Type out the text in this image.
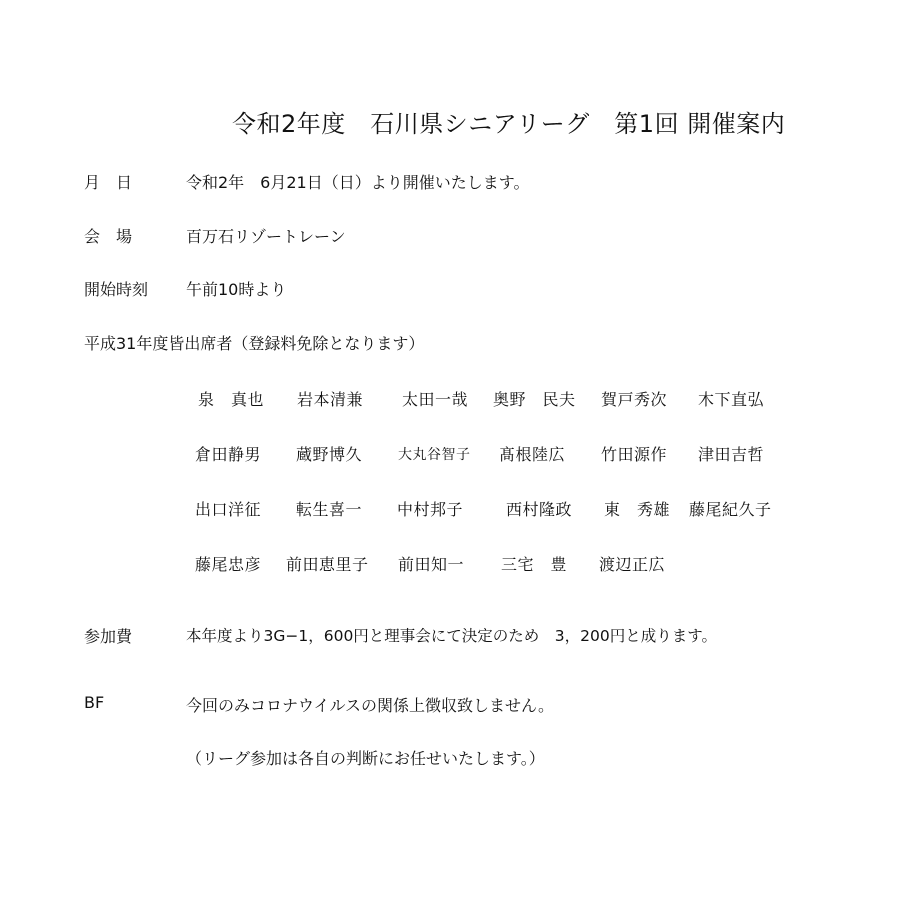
令和2年度　石川県シニアリーグ　第1回 開催案内
月　日	令和2年　6月21日（日）より開催いたします。
会　場	百万石リゾートレーン
開始時刻 午前10時より
平成31年度皆出席者（登録料免除となります）
泉　真也 岩本清兼 太田一哉 奥野　民夫 賀戸秀次 木下直弘
倉田静男 蔵野博久	大丸谷智子 髙根陸広 竹田源作 津田吉哲
出口洋征 転生喜一 中村邦子	西村隆政 東　秀雄 藤尾紀久子
藤尾忠彦 前田恵里子 前田知一 三宅　豊 渡辺正広
参加費	本年度より3G−1，600円と理事会にて決定のため　3，200円と成ります。
BF	今回のみコロナウイルスの関係上徴収致しません。
（リーグ参加は各自の判断にお任せいたします。）
